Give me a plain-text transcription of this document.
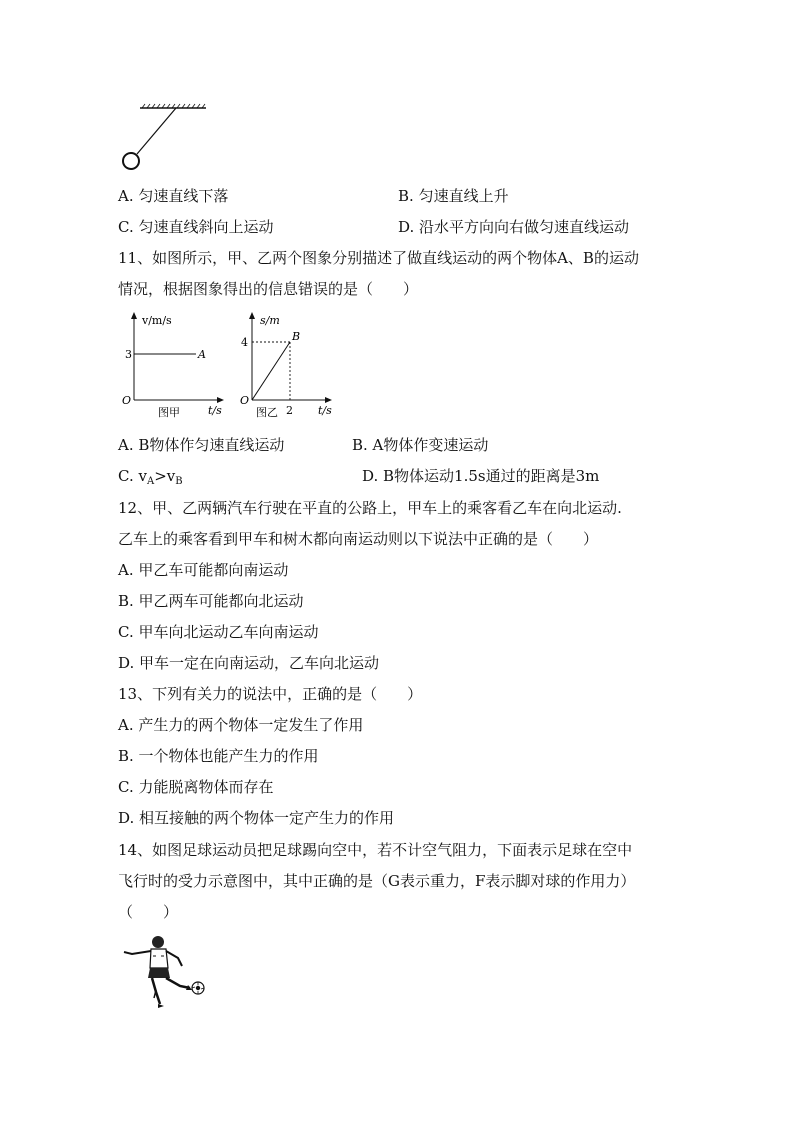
A. 匀速直线下落	B. 匀速直线上升
C. 匀速直线斜向上运动	D. 沿水平方向向右做匀速直线运动
11、如图所示，甲、乙两个图象分别描述了做直线运动的两个物体A、B的运动
情况，根据图象得出的信息错误的是（　　）
v/m/s
3	A
O
图甲	t/s
s/m
4	B
O
图乙 2 t/s
A. B物体作匀速直线运动	B. A物体作变速运动
C. $v_A>v_B$	D. B物体运动1.5s通过的距离是3m
12、甲、乙两辆汽车行驶在平直的公路上，甲车上的乘客看乙车在向北运动.
乙车上的乘客看到甲车和树木都向南运动则以下说法中正确的是（　　）
A. 甲乙车可能都向南运动
B. 甲乙两车可能都向北运动
C. 甲车向北运动乙车向南运动
D. 甲车一定在向南运动，乙车向北运动
13、下列有关力的说法中，正确的是（　　）
A. 产生力的两个物体一定发生了作用
B. 一个物体也能产生力的作用
C. 力能脱离物体而存在
D. 相互接触的两个物体一定产生力的作用
14、如图足球运动员把足球踢向空中，若不计空气阻力，下面表示足球在空中
飞行时的受力示意图中，其中正确的是（G表示重力，F表示脚对球的作用力）
（　　）
